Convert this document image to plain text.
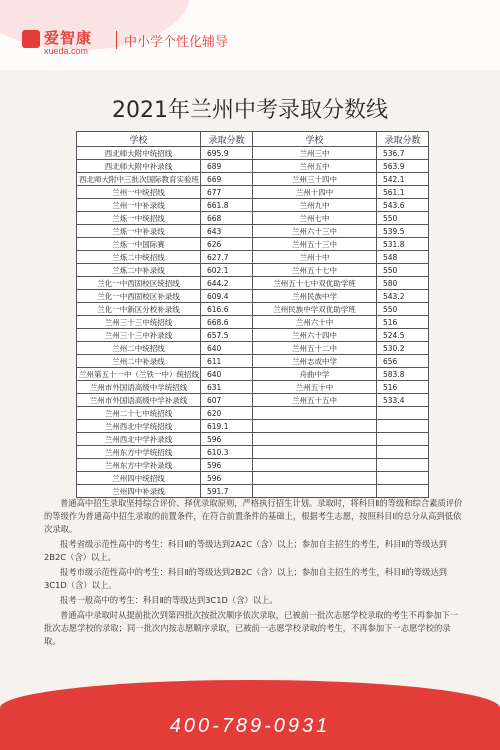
爱智康
xueda.com
中小学个性化辅导
2021年兰州中考录取分数线
学校	录取分数	学校	录取分数
西北师大附中统招线	695.9	兰州三中	536.7
西北师大附中补录线	689	兰州五中	563.9
西北师大附中三批次国际教育实验班	669	兰州三十四中	542.1
兰州一中统招线	677	兰州十四中	561.1
兰州一中补录线	661.8	兰州九中	543.6
兰炼一中统招线	668	兰州七中	550
兰炼一中补录线	643	兰州六十三中	539.5
兰炼一中国际赛	626	兰州五十三中	531.8
兰炼二中统招线	627.7	兰州十中	548
兰炼二中补录线	602.1	兰州五十七中	550
兰化一中西固校区统招线	644.2	兰州五十七中双优助学班	580
兰化一中西固校区补录线	609.4	兰州民族中学	543.2
兰化一中新区分校补录线	616.6	兰州民族中学双优助学班	550
兰州三十三中统招线	668.6	兰州六十中	516
兰州三十三中补录线	657.5	兰州六十四中	524.5
兰州二中统招线	640	兰州五十二中	530.2
兰州二中补录线	611	兰州志成中学	656
兰州第五十一中（兰铁一中）统招线	640	舟曲中学	583.8
兰州市外国语高级中学统招线	631	兰州五十中	516
兰州市外国语高级中学补录线	607	兰州五十五中	533.4
兰州二十七中统招线	620		
兰州西北中学统招线	619.1		
兰州西北中学补录线	596		
兰州东方中学统招线	610.3		
兰州东方中学补录线	596		
兰州四中统招线	596		
兰州四中补录线	591.7		

普通高中招生录取坚持综合评价、择优录取原则，严格执行招生计划。录取时，将科目Ⅱ的等级和综合素质评价的等级作为普通高中招生录取的前置条件，在符合前置条件的基础上，根据考生志愿，按照科目Ⅰ的总分从高到低依次录取。

报考省级示范性高中的考生：科目Ⅱ的等级达到2A2C（含）以上；参加自主招生的考生，科目Ⅱ的等级达到2B2C（含）以上。

报考市级示范性高中的考生：科目Ⅱ的等级达到2B2C（含）以上；参加自主招生的考生，科目Ⅱ的等级达到3C1D（含）以上。

报考一般高中的考生：科目Ⅱ的等级达到3C1D（含）以上。

普通高中录取时从提前批次到第四批次按批次顺序依次录取，已被前一批次志愿学校录取的考生不再参加下一批次志愿学校的录取；同一批次内按志愿顺序录取，已被前一志愿学校录取的考生，不再参加下一志愿学校的录取。

400-789-0931
